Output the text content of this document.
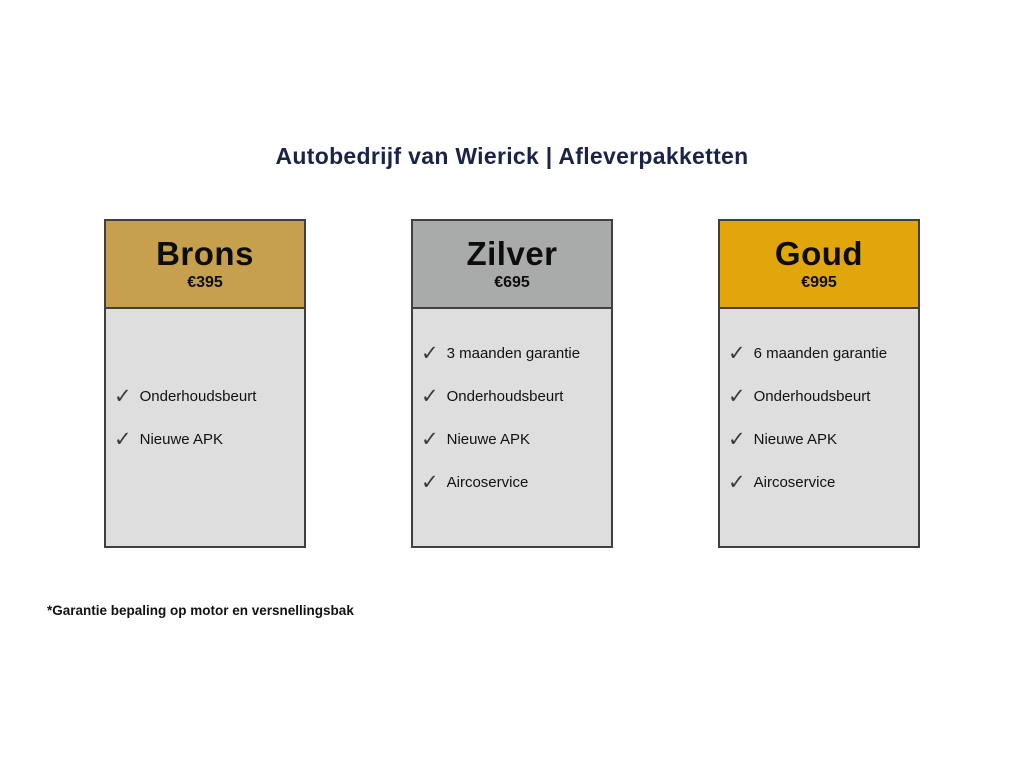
Autobedrijf van Wierick | Afleverpakketten
Brons
€395
✓ Onderhoudsbeurt
✓ Nieuwe APK
Zilver
€695
✓ 3 maanden garantie
✓ Onderhoudsbeurt
✓ Nieuwe APK
✓ Aircoservice
Goud
€995
✓ 6 maanden garantie
✓ Onderhoudsbeurt
✓ Nieuwe APK
✓ Aircoservice
*Garantie bepaling op motor en versnellingsbak
